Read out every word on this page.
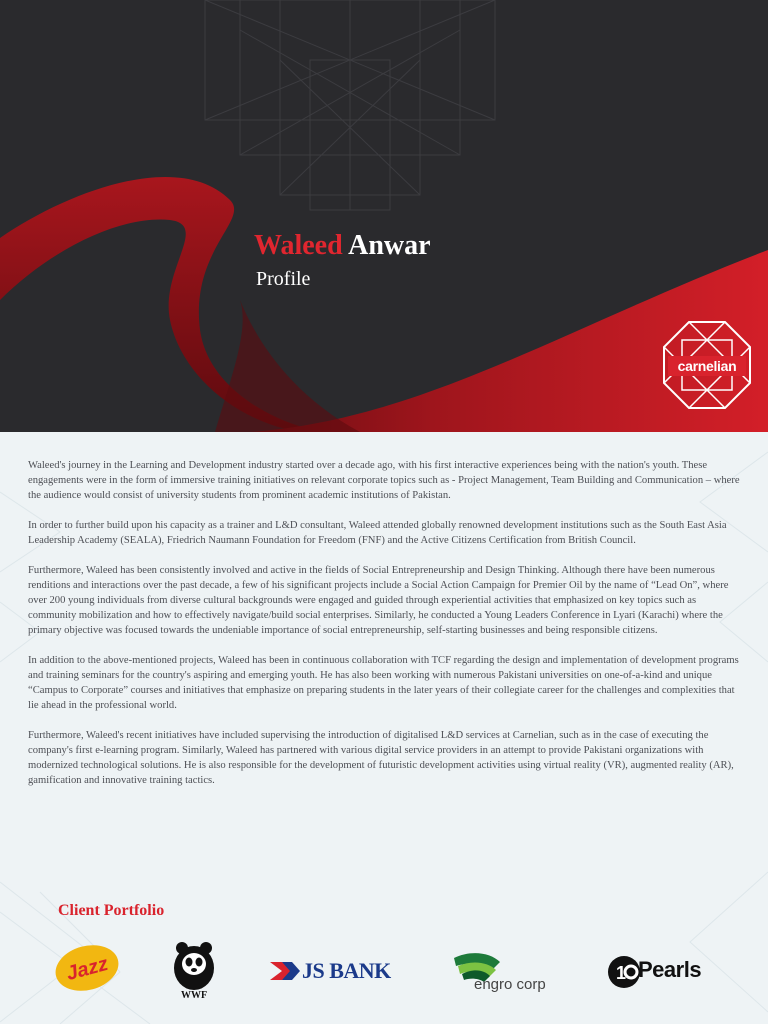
Waleed Anwar
Profile
carnelian

Waleed's journey in the Learning and Development industry started over a decade ago, with his first interactive experiences being with the nation's youth. These engagements were in the form of immersive training initiatives on relevant corporate topics such as - Project Management, Team Building and Communication – where the audience would consist of university students from prominent academic institutions of Pakistan.

In order to further build upon his capacity as a trainer and L&D consultant, Waleed attended globally renowned development institutions such as the South East Asia Leadership Academy (SEALA), Friedrich Naumann Foundation for Freedom (FNF) and the Active Citizens Certification from British Council.

Furthermore, Waleed has been consistently involved and active in the fields of Social Entrepreneurship and Design Thinking. Although there have been numerous renditions and interactions over the past decade, a few of his significant projects include a Social Action Campaign for Premier Oil by the name of “Lead On”, where over 200 young individuals from diverse cultural backgrounds were engaged and guided through experiential activities that emphasized on key topics such as community mobilization and how to effectively navigate/build social enterprises. Similarly, he conducted a Young Leaders Conference in Lyari (Karachi) where the primary objective was focused towards the undeniable importance of social entrepreneurship, self-starting businesses and being responsible citizens.

In addition to the above-mentioned projects, Waleed has been in continuous collaboration with TCF regarding the design and implementation of development programs and training seminars for the country's aspiring and emerging youth. He has also been working with numerous Pakistani universities on one-of-a-kind and unique “Campus to Corporate” courses and initiatives that emphasize on preparing students in the later years of their collegiate career for the challenges and complexities that lie ahead in the professional world.

Furthermore, Waleed's recent initiatives have included supervising the introduction of digitalised L&D services at Carnelian, such as in the case of executing the company's first e-learning program. Similarly, Waleed has partnered with various digital service providers in an attempt to provide Pakistani organizations with modernized technological solutions. He is also responsible for the development of futuristic development activities using virtual reality (VR), augmented reality (AR), gamification and innovative training tactics.

Client Portfolio
Jazz
WWF
JS BANK
engro corp
1 Pearls
